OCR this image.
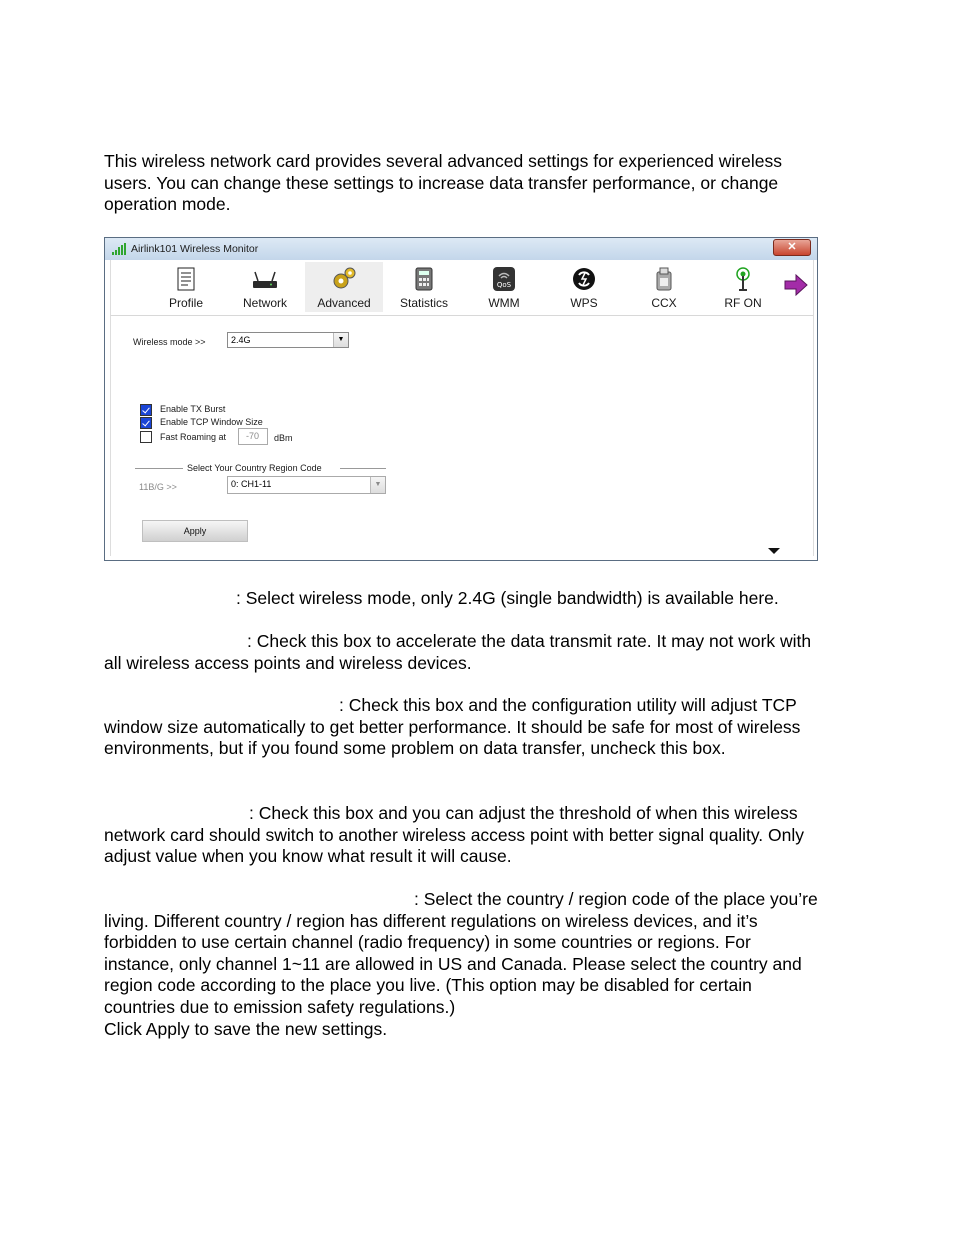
This wireless network card provides several advanced settings for experienced wireless users. You can change these settings to increase data transfer performance, or change operation mode.

Airlink101 Wireless Monitor	✕
Profile	Network	Advanced	Statistics
QoS
WMM	WPS	CCX	RF ON
Wireless mode >>	2.4G	▼
Enable TX Burst
Enable TCP Window Size
Fast Roaming at -70 dBm
Select Your Country Region Code
11B/G >>	0: CH1-11	▼
Apply

: Select wireless mode, only 2.4G (single bandwidth) is available here.

: Check this box to accelerate the data transmit rate. It may not work with all wireless access points and wireless devices.

: Check this box and the configuration utility will adjust TCP window size automatically to get better performance. It should be safe for most of wireless environments, but if you found some problem on data transfer, uncheck this box.

: Check this box and you can adjust the threshold of when this wireless network card should switch to another wireless access point with better signal quality. Only adjust value when you know what result it will cause.

: Select the country / region code of the place you’re living. Different country / region has different regulations on wireless devices, and it’s forbidden to use certain channel (radio frequency) in some countries or regions. For instance, only channel 1~11 are allowed in US and Canada. Please select the country and region code according to the place you live. (This option may be disabled for certain countries due to emission safety regulations.)
Click Apply to save the new settings.
